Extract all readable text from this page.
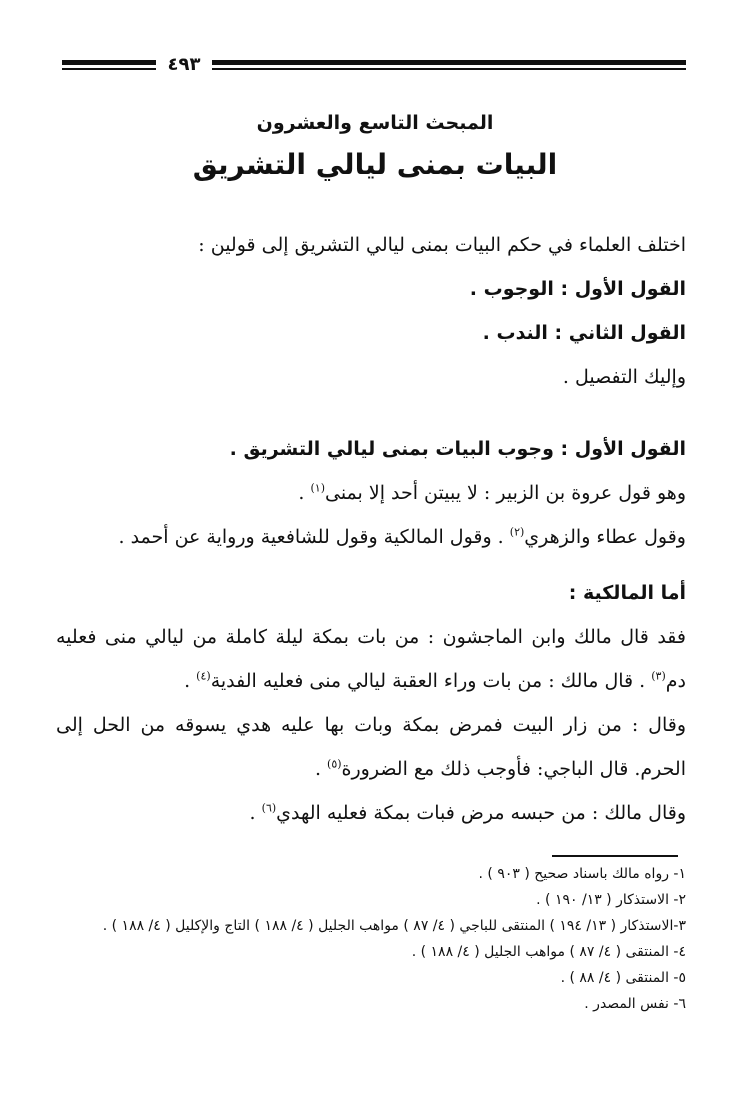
٤٩٣
المبحث التاسع والعشرون
البيات بمنى ليالي التشريق
اختلف العلماء في حكم البيات بمنى ليالي التشريق إلى قولين :
القول الأول : الوجوب .
القول الثاني : الندب .
وإليك التفصيل .
القول الأول : وجوب البيات بمنى ليالي التشريق .
وهو قول عروة بن الزبير : لا يبيتن أحد إلا بمنى$^{(١)}$ .
وقول عطاء والزهري$^{(٢)}$ . وقول المالكية وقول للشافعية ورواية عن أحمد .
أما المالكية :
فقد قال مالك وابن الماجشون : من بات بمكة ليلة كاملة من ليالي منى فعليه
دم$^{(٣)}$ . قال مالك : من بات وراء العقبة ليالي منى فعليه الفدية$^{(٤)}$ .
وقال : من زار البيت فمرض بمكة وبات بها عليه هدي يسوقه من الحل إلى
الحرم. قال الباجي: فأوجب ذلك مع الضرورة$^{(٥)}$ .
وقال مالك : من حبسه مرض فبات بمكة فعليه الهدي$^{(٦)}$ .
١- رواه مالك باسناد صحيح ( ٩٠٣ ) .
٢- الاستذكار ( ١٣/ ١٩٠ ) .
٣-الاستذكار ( ١٣/ ١٩٤ ) المنتقى للباجي ( ٤/ ٨٧ ) مواهب الجليل ( ٤/ ١٨٨ ) التاج والإكليل ( ٤/ ١٨٨ ) .
٤- المنتقى ( ٤/ ٨٧ ) مواهب الجليل ( ٤/ ١٨٨ ) .
٥- المنتقى ( ٤/ ٨٨ ) .
٦- نفس المصدر .
